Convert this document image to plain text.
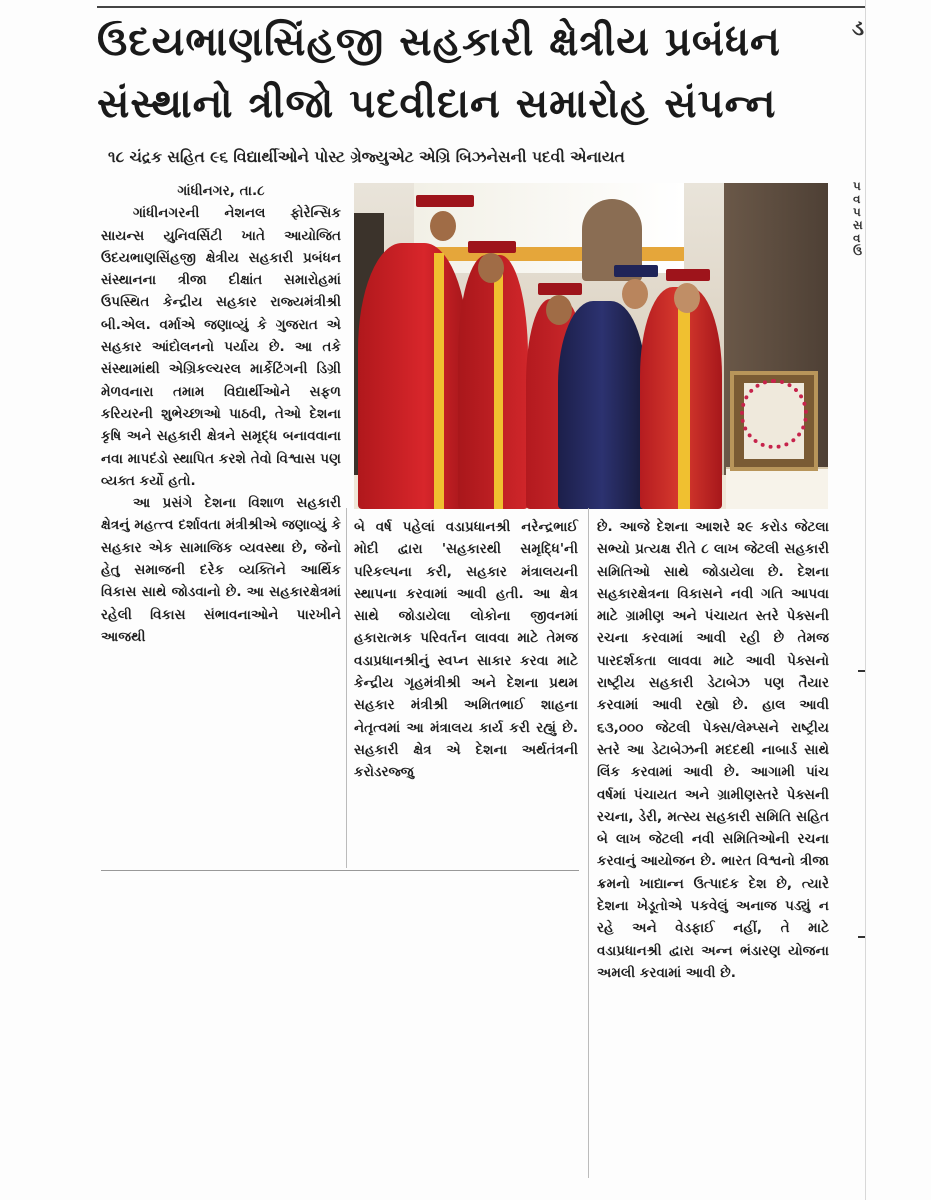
ઉદયભાણસિંહજી સહકારી ક્ષેત્રીય પ્રબંધન
સંસ્થાનો ત્રીજો પદવીદાન સમારોહ સંપન્ન
૧૮ ચંદ્રક સહિત ૯૬ વિદ્યાર્થીઓને પોસ્ટ ગ્રેજ્યુએટ એગ્રિ બિઝનેસની પદવી એનાયત
ગાંધીનગર, તા.૮

ગાંધીનગરની નેશનલ ફોરેન્સિક સાયન્સ યુનિવર્સિટી ખાતે આયોજિત ઉદયભાણસિંહજી ક્ષેત્રીય સહકારી પ્રબંધન સંસ્થાનના ત્રીજા દીક્ષાંત સમારોહમાં ઉપસ્થિત કેન્દ્રીય સહકાર રાજ્યમંત્રીશ્રી બી.એલ. વર્માએ જણાવ્યું કે ગુજરાત એ સહકાર આંદોલનનો પર્યાય છે. આ તકે સંસ્થામાંથી એગ્રિકલ્ચરલ માર્કેટિંગની ડિગ્રી મેળવનારા તમામ વિદ્યાર્થીઓને સફળ કરિયરની શુભેચ્છાઓ પાઠવી, તેઓ દેશના કૃષિ અને સહકારી ક્ષેત્રને સમૃદ્ધ બનાવવાના નવા માપદંડો સ્થાપિત કરશે તેવો વિશ્વાસ પણ વ્યક્ત કર્યો હતો.

આ પ્રસંગે દેશના વિશાળ સહકારી ક્ષેત્રનું મહત્ત્વ દર્શાવતા મંત્રીશ્રીએ જણાવ્યું કે સહકાર એક સામાજિક વ્યવસ્થા છે, જેનો હેતુ સમાજની દરેક વ્યક્તિને આર્થિક વિકાસ સાથે જોડવાનો છે. આ સહકારક્ષેત્રમાં રહેલી વિકાસ સંભાવનાઓને પારખીને આજથી

બે વર્ષ પહેલાં વડાપ્રધાનશ્રી નરેન્દ્રભાઈ મોદી દ્વારા 'સહકારથી સમૃદ્ધિ'ની પરિકલ્પના કરી, સહકાર મંત્રાલયની સ્થાપના કરવામાં આવી હતી. આ ક્ષેત્ર સાથે જોડાયેલા લોકોના જીવનમાં હકારાત્મક પરિવર્તન લાવવા માટે તેમજ વડાપ્રધાનશ્રીનું સ્વપ્ન સાકાર કરવા માટે કેન્દ્રીય ગૃહમંત્રીશ્રી અને દેશના પ્રથમ સહકાર મંત્રીશ્રી અમિતભાઈ શાહના નેતૃત્વમાં આ મંત્રાલય કાર્ય કરી રહ્યું છે. સહકારી ક્ષેત્ર એ દેશના અર્થતંત્રની કરોડરજ્જુ

છે. આજે દેશના આશરે ૨૯ કરોડ જેટલા સભ્યો પ્રત્યક્ષ રીતે ૮ લાખ જેટલી સહકારી સમિતિઓ સાથે જોડાયેલા છે. દેશના સહકારક્ષેત્રના વિકાસને નવી ગતિ આપવા માટે ગ્રામીણ અને પંચાયત સ્તરે પેક્સની રચના કરવામાં આવી રહી છે તેમજ પારદર્શકતા લાવવા માટે આવી પેક્સનો રાષ્ટ્રીય સહકારી ડેટાબેઝ પણ તૈયાર કરવામાં આવી રહ્યો છે. હાલ આવી ૬૩,૦૦૦ જેટલી પેક્સ/લેમ્પ્સને રાષ્ટ્રીય સ્તરે આ ડેટાબેઝની મદદથી નાબાર્ડ સાથે લિંક કરવામાં આવી છે. આગામી પાંચ વર્ષમાં પંચાયત અને ગ્રામીણસ્તરે પેક્સની રચના, ડેરી, મત્સ્ય સહકારી સમિતિ સહિત બે લાખ જેટલી નવી સમિતિઓની રચના કરવાનું આયોજન છે. ભારત વિશ્વનો ત્રીજા ક્રમનો ખાદ્યાન્ન ઉત્પાદક દેશ છે, ત્યારે દેશના ખેડૂતોએ પકવેલું અનાજ પડ્યું ન રહે અને વેડફાઈ નહીં, તે માટે વડાપ્રધાનશ્રી દ્વારા અન્ન ભંડારણ યોજના અમલી કરવામાં આવી છે.

ડ
પ વ પ સ વ ઉ
